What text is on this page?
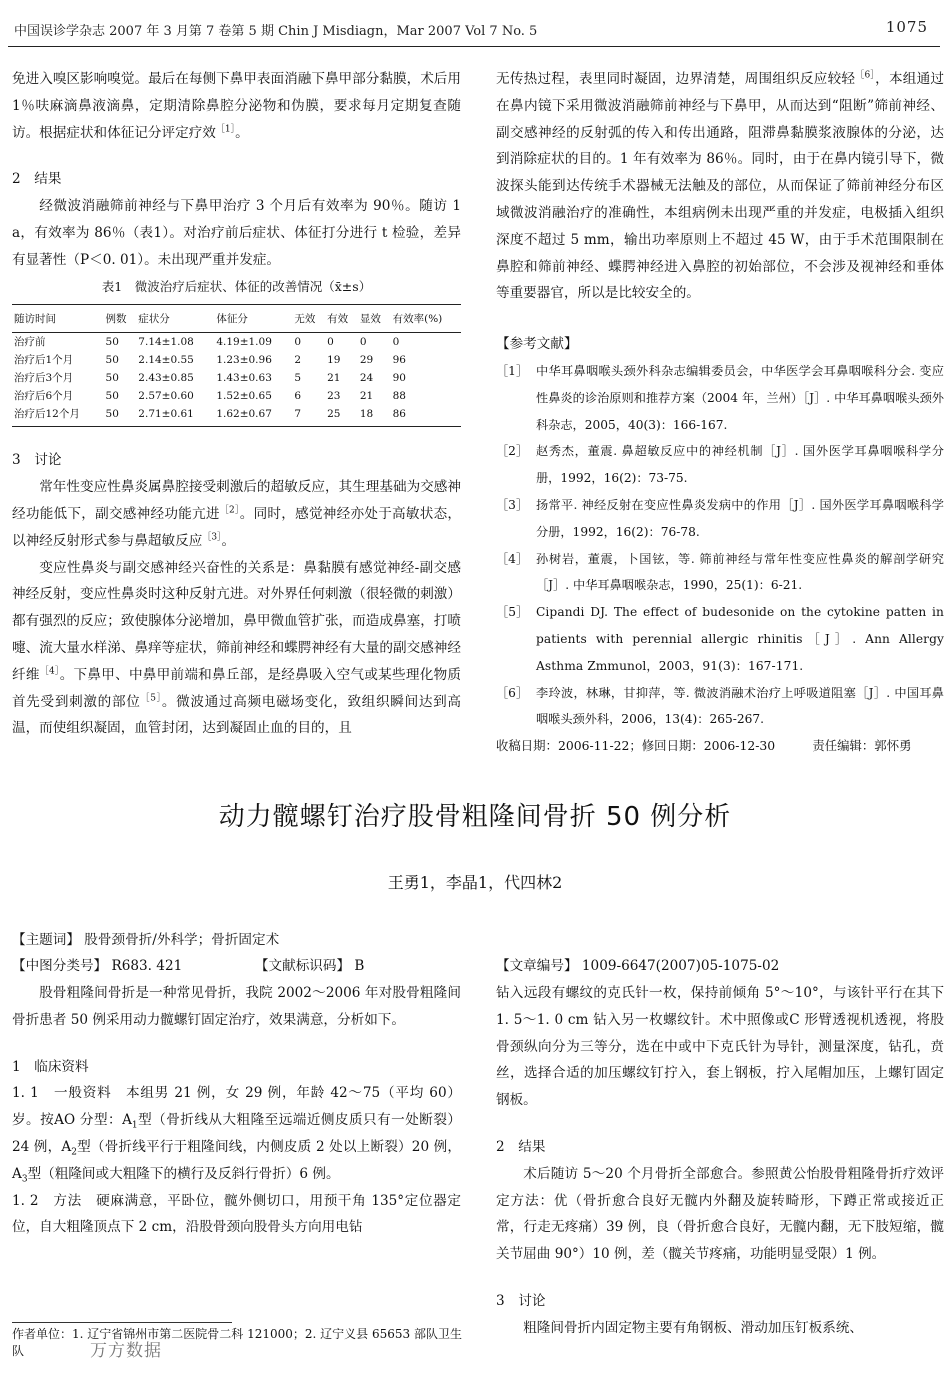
中国误诊学杂志 2007 年 3 月第 7 卷第 5 期 Chin J Misdiagn，Mar 2007 Vol 7 No. 5	1075

免进入嗅区影响嗅觉。最后在每侧下鼻甲表面消融下鼻甲部分黏膜，术后用 1％呋麻滴鼻液滴鼻，定期清除鼻腔分泌物和伪膜，要求每月定期复查随访。根据症状和体征记分评定疗效$^{[1]}$。

2　结果

经微波消融筛前神经与下鼻甲治疗 3 个月后有效率为 90％。随访 1 a，有效率为 86％（表1）。对治疗前后症状、体征打分进行 t 检验，差异有显著性（P＜0. 01）。未出现严重并发症。

表1　微波治疗后症状、体征的改善情况（x̄±s）

随访时间	例数	症状分	体征分	无效	有效	显效	有效率(%)
治疗前	50	7.14±1.08	4.19±1.09	0	0	0	0
治疗后1个月	50	2.14±0.55	1.23±0.96	2	19	29	96
治疗后3个月	50	2.43±0.85	1.43±0.63	5	21	24	90
治疗后6个月	50	2.57±0.60	1.52±0.65	6	23	21	88
治疗后12个月	50	2.71±0.61	1.62±0.67	7	25	18	86

3　讨论

常年性变应性鼻炎属鼻腔接受刺激后的超敏反应，其生理基础为交感神经功能低下，副交感神经功能亢进$^{[2]}$。同时，感觉神经亦处于高敏状态，以神经反射形式参与鼻超敏反应$^{[3]}$。

变应性鼻炎与副交感神经兴奋性的关系是：鼻黏膜有感觉神经-副交感神经反射，变应性鼻炎时这种反射亢进。对外界任何刺激（很轻微的刺激）都有强烈的反应；致使腺体分泌增加，鼻甲微血管扩张，而造成鼻塞，打喷嚏、流大量水样涕、鼻痒等症状，筛前神经和蝶腭神经有大量的副交感神经纤维$^{[4]}$。下鼻甲、中鼻甲前端和鼻丘部，是经鼻吸入空气或某些理化物质首先受到刺激的部位$^{[5]}$。微波通过高频电磁场变化，致组织瞬间达到高温，而使组织凝固，血管封闭，达到凝固止血的目的，且

无传热过程，表里同时凝固，边界清楚，周围组织反应较轻$^{[6]}$，本组通过在鼻内镜下采用微波消融筛前神经与下鼻甲，从而达到“阻断”筛前神经、副交感神经的反射弧的传入和传出通路，阻滞鼻黏膜浆液腺体的分泌，达到消除症状的目的。1 年有效率为 86％。同时，由于在鼻内镜引导下，微波探头能到达传统手术器械无法触及的部位，从而保证了筛前神经分布区域微波消融治疗的准确性，本组病例未出现严重的并发症，电极插入组织深度不超过 5 mm，输出功率原则上不超过 45 W，由于手术范围限制在鼻腔和筛前神经、蝶腭神经进入鼻腔的初始部位，不会涉及视神经和垂体等重要器官，所以是比较安全的。

【参考文献】

［1］ 中华耳鼻咽喉头颈外科杂志编辑委员会，中华医学会耳鼻咽喉科分会. 变应性鼻炎的诊治原则和推荐方案（2004 年，兰州）［J］. 中华耳鼻咽喉头颈外科杂志，2005，40(3)：166-167.

［2］ 赵秀杰，董震. 鼻超敏反应中的神经机制［J］. 国外医学耳鼻咽喉科学分册，1992，16(2)：73-75.

［3］ 扬常平. 神经反射在变应性鼻炎发病中的作用［J］. 国外医学耳鼻咽喉科学分册，1992，16(2)：76-78.

［4］ 孙树岩，董震，卜国铉，等. 筛前神经与常年性变应性鼻炎的解剖学研究［J］. 中华耳鼻咽喉杂志，1990，25(1)：6-21.

［5］ Cipandi DJ. The effect of budesonide on the cytokine patten in patients with perennial allergic rhinitis［J］. Ann Allergy Asthma Zmmunol，2003，91(3)：167-171.

［6］ 李玲波，林琳，甘抑萍，等. 微波消融术治疗上呼吸道阻塞［J］. 中国耳鼻咽喉头颈外科，2006，13(4)：265-267.

收稿日期：2006-11-22；修回日期：2006-12-30　　　责任编辑：郭怀勇

动力髋螺钉治疗股骨粗隆间骨折 50 例分析

王勇1，李晶1，代四林2

【主题词】 股骨颈骨折/外科学；骨折固定术

【中图分类号】 R683. 421	【文献标识码】 B	【文章编号】 1009-6647(2007)05-1075-02

股骨粗隆间骨折是一种常见骨折，我院 2002～2006 年对股骨粗隆间骨折患者 50 例采用动力髋螺钉固定治疗，效果满意，分析如下。

1　临床资料

1. 1　一般资料　本组男 21 例，女 29 例，年龄 42～75（平均 60）岁。按AO 分型：$A_1$型（骨折线从大粗隆至远端近侧皮质只有一处断裂）24 例，$A_2$型（骨折线平行于粗隆间线，内侧皮质 2 处以上断裂）20 例，$A_3$型（粗隆间或大粗隆下的横行及反斜行骨折）6 例。

1. 2　方法　硬麻满意，平卧位，髋外侧切口，用预干角 135°定位器定位，自大粗隆顶点下 2 cm，沿股骨颈向股骨头方向用电钻

钻入远段有螺纹的克氏针一枚，保持前倾角 5°～10°，与该针平行在其下 1. 5～1. 0 cm 钻入另一枚螺纹针。术中照像或C 形臂透视机透视，将股骨颈纵向分为三等分，选在中或中下克氏针为导针，测量深度，钻孔，贲丝，选择合适的加压螺纹钉拧入，套上钢板，拧入尾帽加压，上螺钉固定钢板。

2　结果

术后随访 5～20 个月骨折全部愈合。参照黄公怡股骨粗隆骨折疗效评定方法：优（骨折愈合良好无髋内外翻及旋转畸形，下蹲正常或接近正常，行走无疼痛）39 例，良（骨折愈合良好，无髋内翻，无下肢短缩，髋关节屈曲 90°）10 例，差（髋关节疼痛，功能明显受限）1 例。

3　讨论

粗隆间骨折内固定物主要有角钢板、滑动加压钉板系统、

作者单位：1. 辽宁省锦州市第二医院骨二科 121000；2. 辽宁义县 65653 部队卫生队	万方数据
